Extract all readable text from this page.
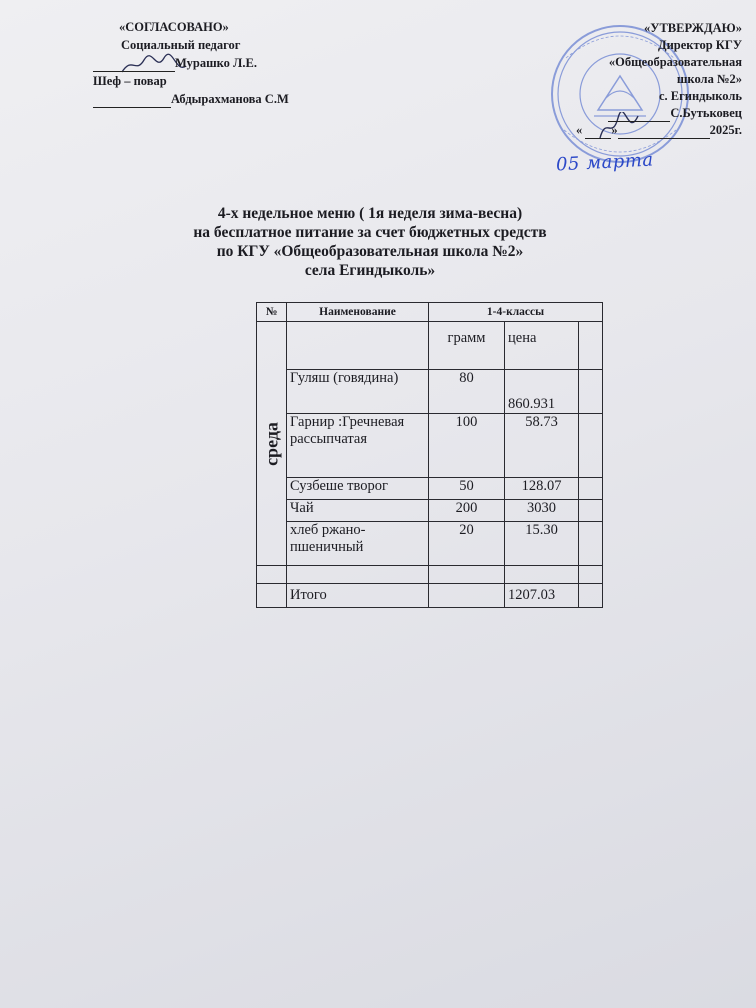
«СОГЛАСОВАНО»
Социальный педагог
Мурашко Л.Е.
Шеф – повар
Абдырахманова С.М
«УТВЕРЖДАЮ»
Директор КГУ
«Общеобразовательная
школа №2»
с. Егиндыколь
С.Бутьковец
« »	2025г.
05 марта
4-х недельное меню ( 1я неделя зима-весна)
на бесплатное питание за счет бюджетных средств
по КГУ «Общеобразовательная школа №2»
села Егиндыколь»
№	Наименование	1-4-классы		

среда		грамм	цена	
	Гуляш (говядина)	80	860.931	
	Гарнир :Гречневая рассыпчатая	100	58.73	
	Сузбеше творог	50	128.07	
	Чай	200	3030	
	хлеб ржано-пшеничный	20	15.30	

	Итого		1207.03	
